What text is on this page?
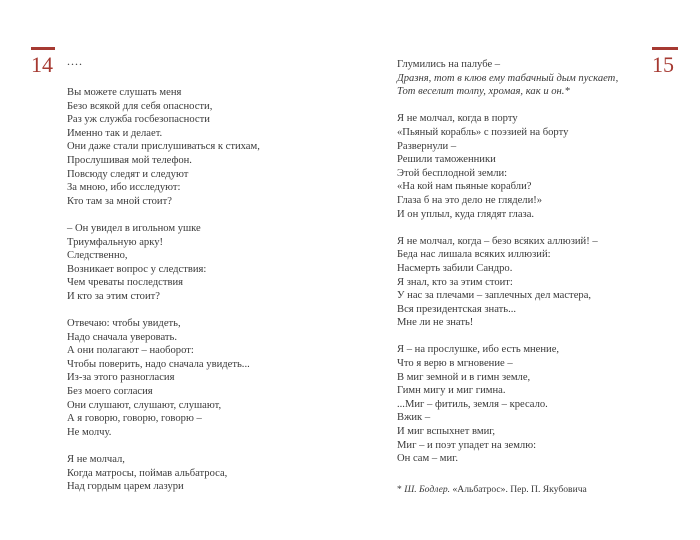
14	15
....
Вы можете слушать меня
Безо всякой для себя опасности,
Раз уж служба госбезопасности
Именно так и делает.
Они даже стали прислушиваться к стихам,
Прослушивая мой телефон.
Повсюду следят и следуют
За мною, ибо исследуют:
Кто там за мной стоит?
– Он увидел в игольном ушке
Триумфальную арку!
Следственно,
Возникает вопрос у следствия:
Чем чреваты последствия
И кто за этим стоит?
Отвечаю: чтобы увидеть,
Надо сначала уверовать.
А они полагают – наоборот:
Чтобы поверить, надо сначала увидеть...
Из-за этого разногласия
Без моего согласия
Они слушают, слушают, слушают,
А я говорю, говорю, говорю –
Не молчу.
Я не молчал,
Когда матросы, поймав альбатроса,
Над гордым царем лазури
Глумились на палубе –
Дразня, тот в клюв ему табачный дым пускает,
Тот веселит толпу, хромая, как и он.*
Я не молчал, когда в порту
«Пьяный корабль» с поэзией на борту
Развернули –
Решили таможенники
Этой бесплодной земли:
«На кой нам пьяные корабли?
Глаза б на это дело не глядели!»
И он уплыл, куда глядят глаза.
Я не молчал, когда – безо всяких аллюзий! –
Беда нас лишала всяких иллюзий:
Насмерть забили Сандро.
Я знал, кто за этим стоит:
У нас за плечами – заплечных дел мастера,
Вся президентская знать...
Мне ли не знать!
Я – на прослушке, ибо есть мнение,
Что я верю в мгновение –
В миг земной и в гимн земле,
Гимн мигу и миг гимна.
...Миг – фитиль, земля – кресало.
Вжик –
И миг вспыхнет вмиг,
Миг – и поэт упадет на землю:
Он сам – миг.
* Ш. Бодлер. «Альбатрос». Пер. П. Якубовича
